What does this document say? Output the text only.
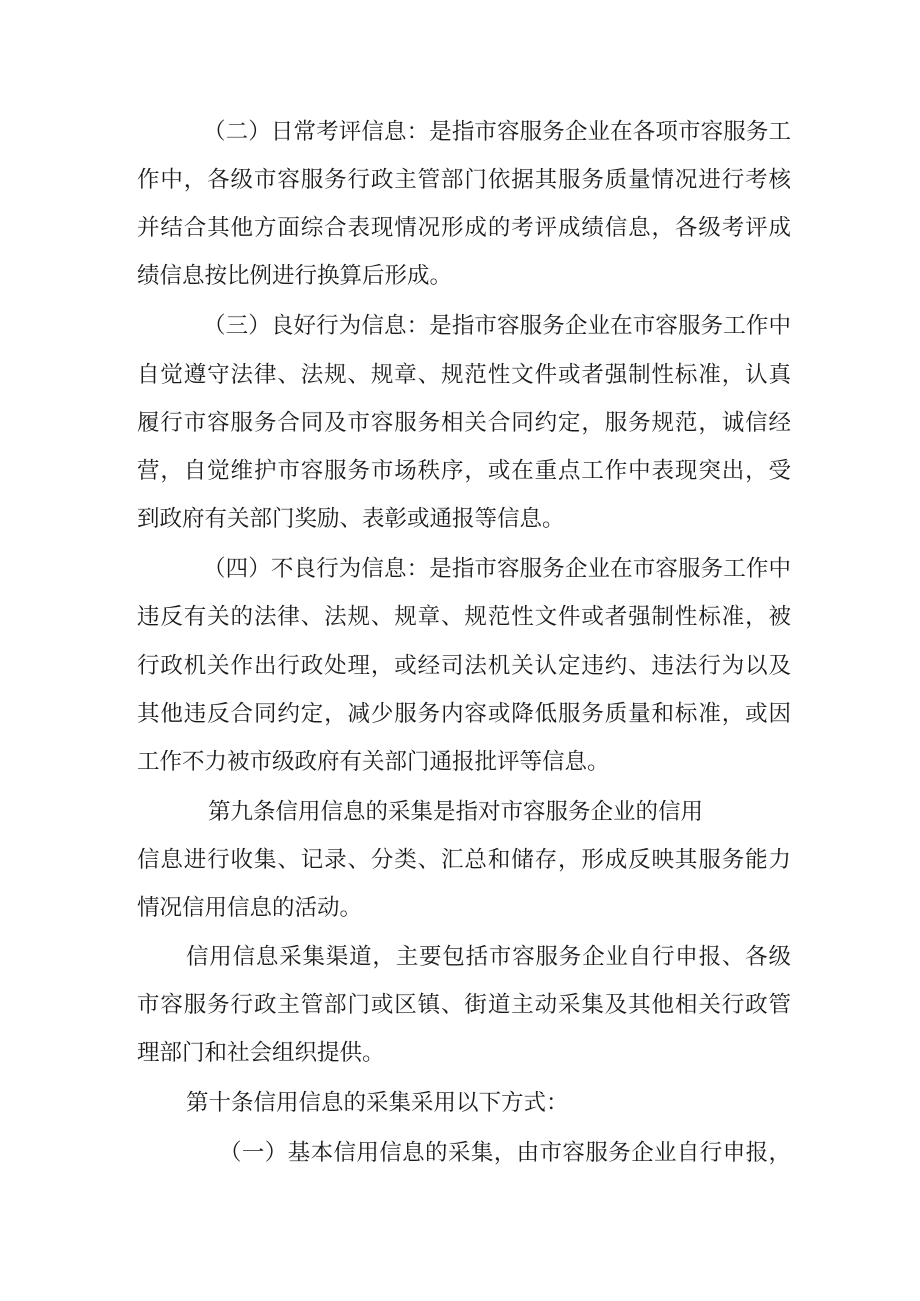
（二）日常考评信息：是指市容服务企业在各项市容服务工
作中，各级市容服务行政主管部门依据其服务质量情况进行考核
并结合其他方面综合表现情况形成的考评成绩信息，各级考评成
绩信息按比例进行换算后形成。
（三）良好行为信息：是指市容服务企业在市容服务工作中
自觉遵守法律、法规、规章、规范性文件或者强制性标准，认真
履行市容服务合同及市容服务相关合同约定，服务规范，诚信经
营，自觉维护市容服务市场秩序，或在重点工作中表现突出，受
到政府有关部门奖励、表彰或通报等信息。
（四）不良行为信息：是指市容服务企业在市容服务工作中
违反有关的法律、法规、规章、规范性文件或者强制性标准，被
行政机关作出行政处理，或经司法机关认定违约、违法行为以及
其他违反合同约定，减少服务内容或降低服务质量和标准，或因
工作不力被市级政府有关部门通报批评等信息。
第九条信用信息的采集是指对市容服务企业的信用
信息进行收集、记录、分类、汇总和储存，形成反映其服务能力
情况信用信息的活动。
信用信息采集渠道，主要包括市容服务企业自行申报、各级
市容服务行政主管部门或区镇、街道主动采集及其他相关行政管
理部门和社会组织提供。
第十条信用信息的采集采用以下方式：
（一）基本信用信息的采集，由市容服务企业自行申报，
